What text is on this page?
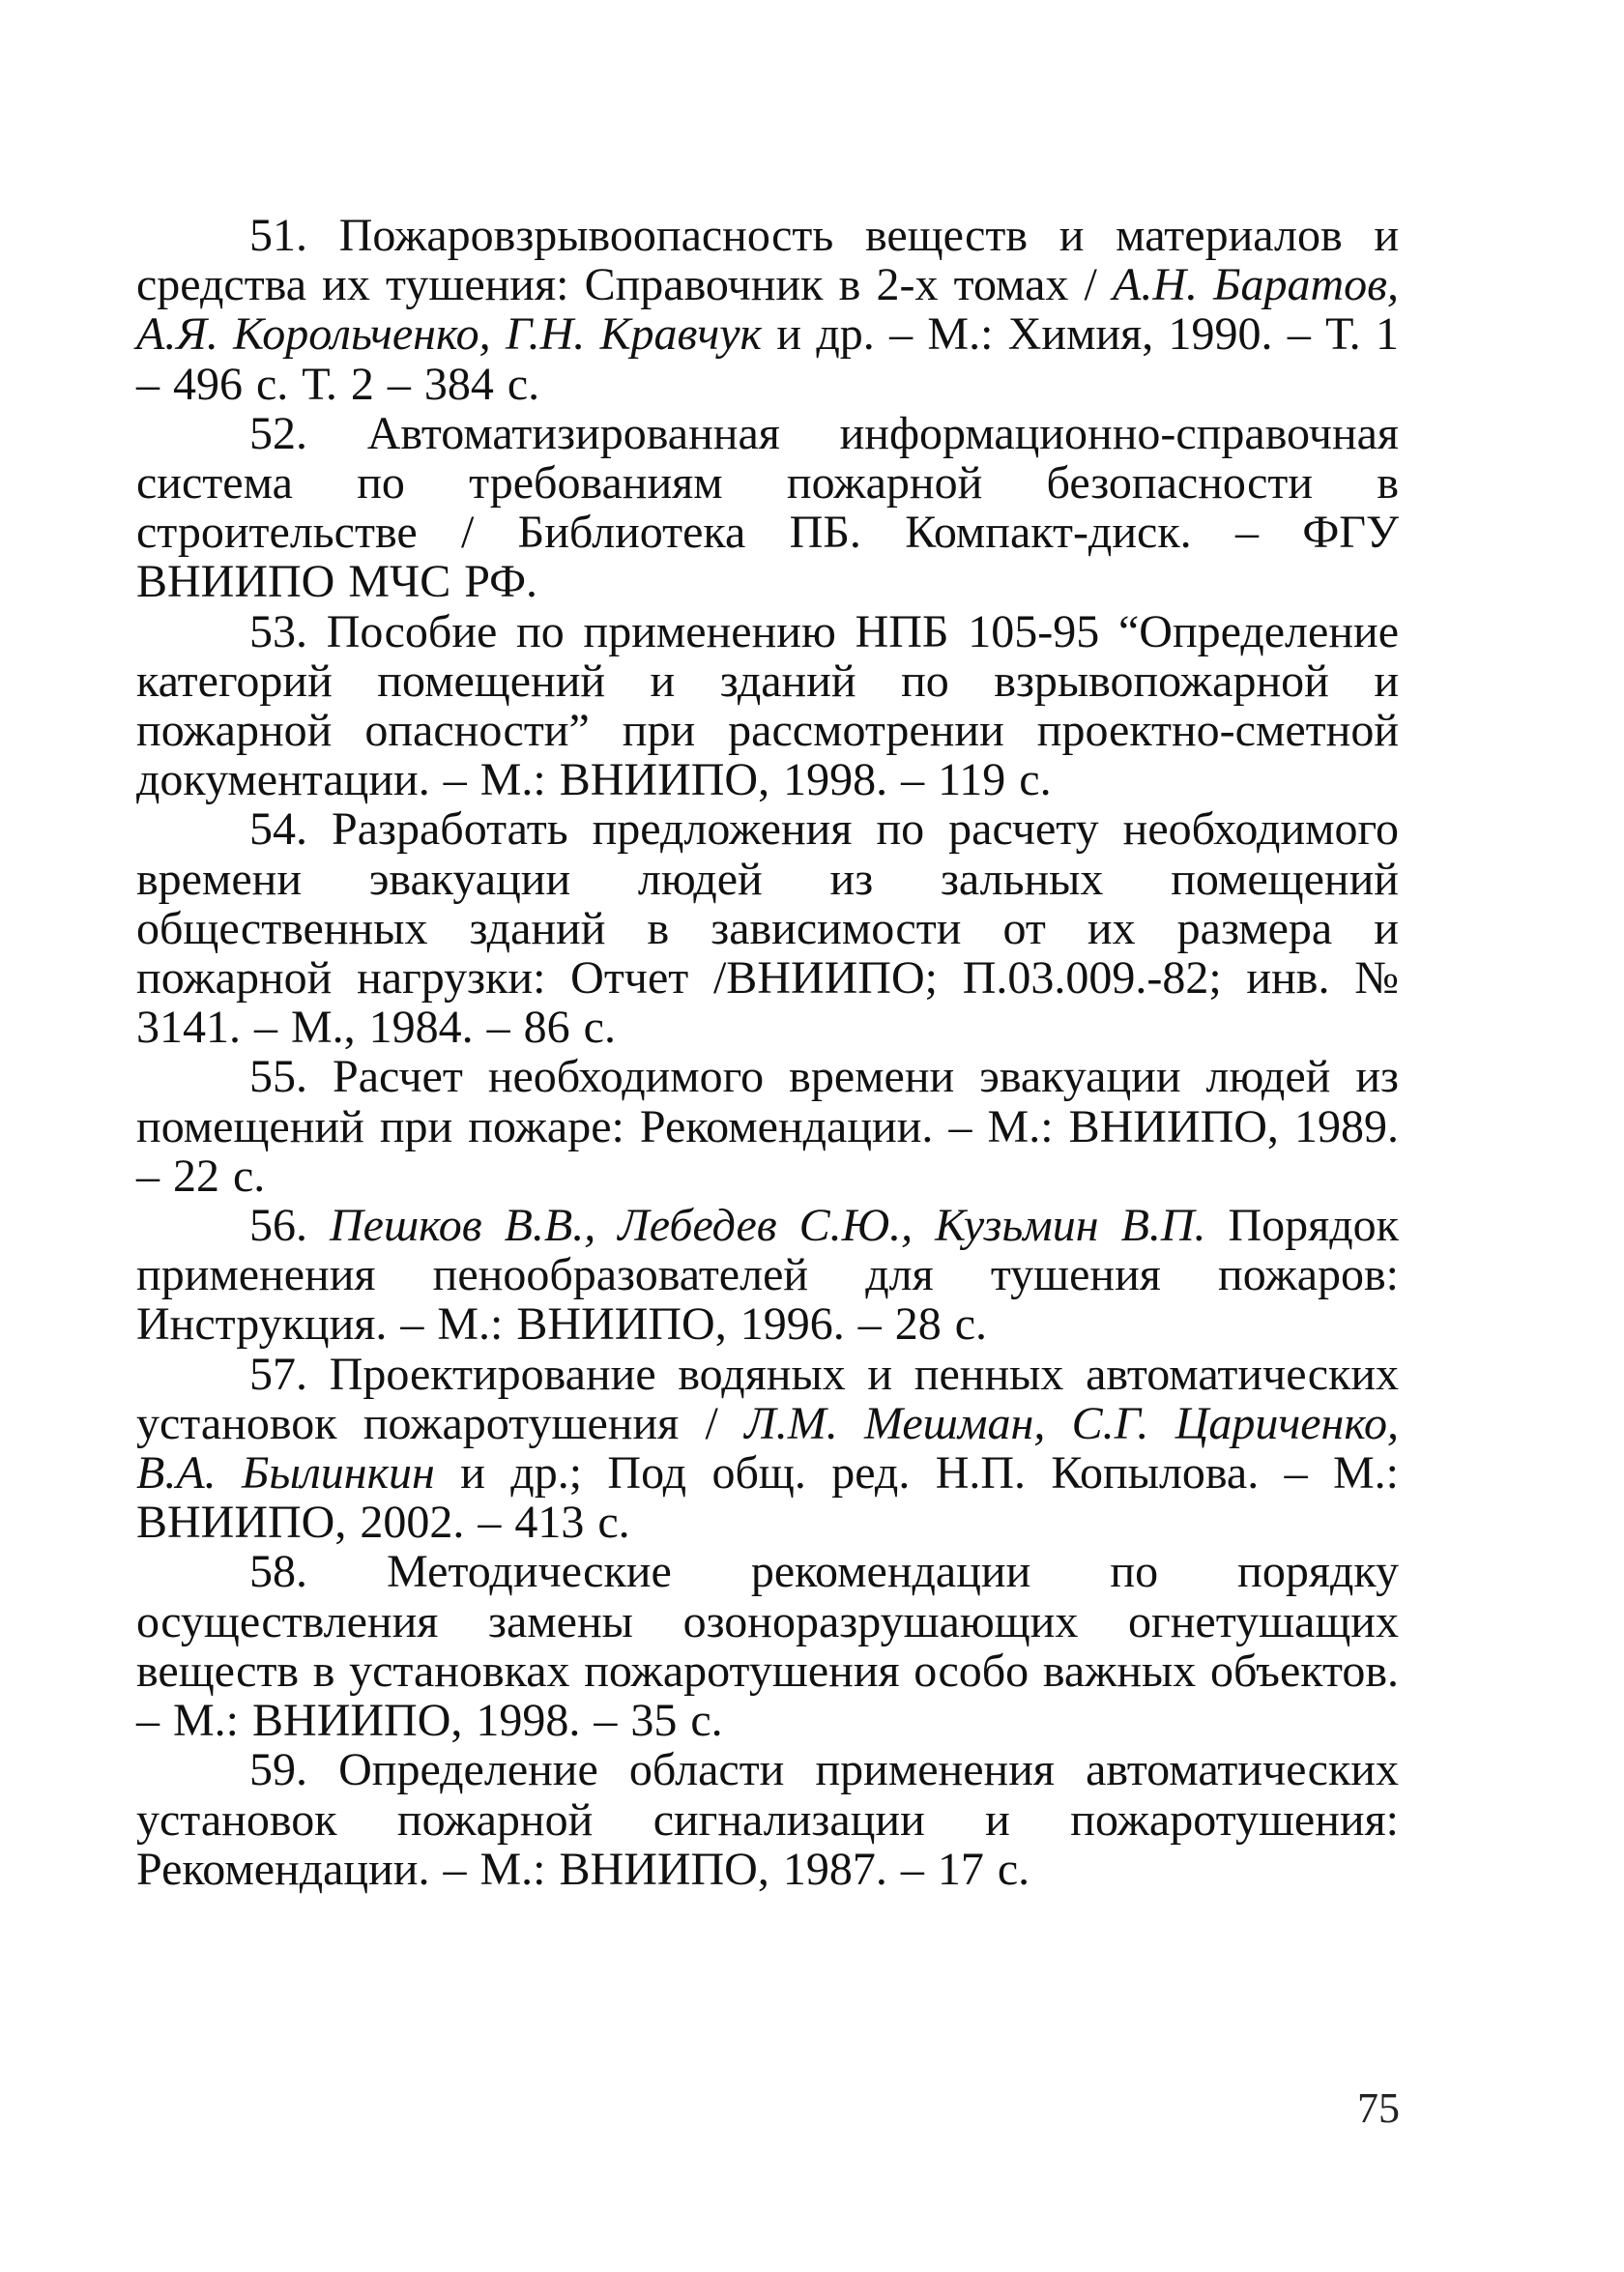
51. Пожаровзрывоопасность веществ и материалов и средства их тушения: Справочник в 2-х томах / А.Н. Баратов, А.Я. Корольченко, Г.Н. Кравчук и др. – М.: Химия, 1990. – Т. 1 – 496 с. Т. 2 – 384 с.

52. Автоматизированная информационно-справочная система по требованиям пожарной безопасности в строительстве / Библиотека ПБ. Компакт-диск. – ФГУ ВНИИПО МЧС РФ.

53. Пособие по применению НПБ 105-95 “Определение категорий помещений и зданий по взрывопожарной и пожарной опасности” при рассмотрении проектно-сметной документации. – М.: ВНИИПО, 1998. – 119 с.

54. Разработать предложения по расчету необходимого времени эвакуации людей из зальных помещений общественных зданий в зависимости от их размера и пожарной нагрузки: Отчет /ВНИИПО; П.03.009.-82; инв. № 3141. – М., 1984. – 86 с.

55. Расчет необходимого времени эвакуации людей из помещений при пожаре: Рекомендации. – М.: ВНИИПО, 1989. – 22 с.

56. Пешков В.В., Лебедев С.Ю., Кузьмин В.П. Порядок применения пенообразователей для тушения пожаров: Инструкция. – М.: ВНИИПО, 1996. – 28 с.

57. Проектирование водяных и пенных автоматических установок пожаротушения / Л.М. Мешман, С.Г. Цариченко, В.А. Былинкин и др.; Под общ. ред. Н.П. Копылова. – М.: ВНИИПО, 2002. – 413 с.

58. Методические рекомендации по порядку осуществления замены озоноразрушающих огнетушащих веществ в установках пожаротушения особо важных объектов. – М.: ВНИИПО, 1998. – 35 с.

59. Определение области применения автоматических установок пожарной сигнализации и пожаротушения: Рекомендации. – М.: ВНИИПО, 1987. – 17 с.

75
